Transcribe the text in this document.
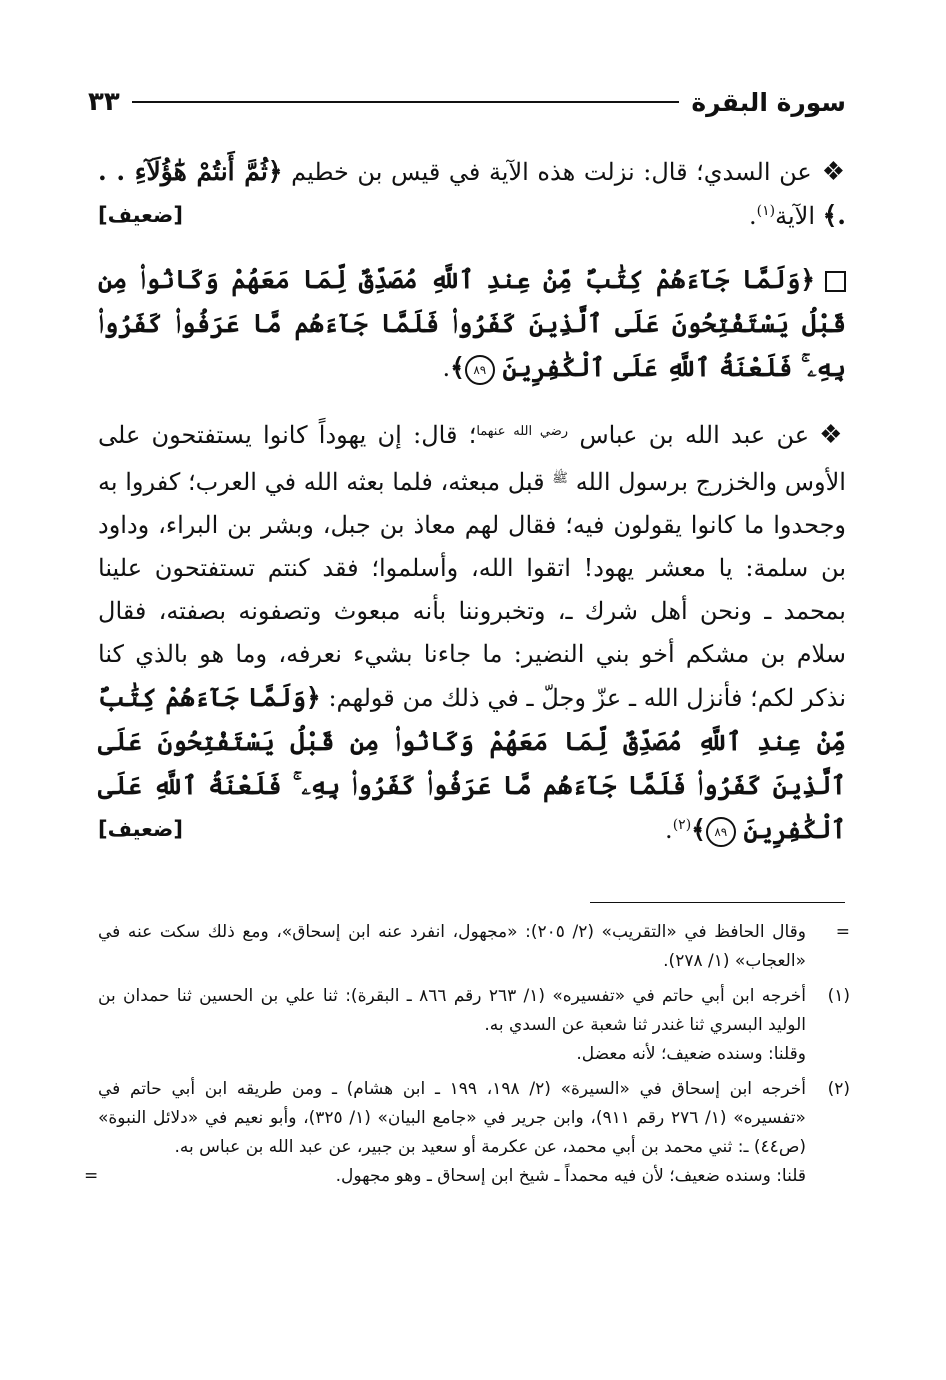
سورة البقرة
٣٣
❖عن السدي؛ قال: نزلت هذه الآية في قيس بن خطيم ﴿ثُمَّ أَنتُمْ هَٰٓؤُلَآءِ . . .﴾ الآية$^{(١)}$.
[ضعيف]
﴿وَلَمَّا جَآءَهُمْ كِتَٰبٌ مِّنْ عِندِ ٱللَّهِ مُصَدِّقٌ لِّمَا مَعَهُمْ وَكَانُوا۟ مِن قَبْلُ يَسْتَفْتِحُونَ عَلَى ٱلَّذِينَ كَفَرُوا۟ فَلَمَّا جَآءَهُم مَّا عَرَفُوا۟ كَفَرُوا۟ بِهِۦ ۚ فَلَعْنَةُ ٱللَّهِ عَلَى ٱلْكَٰفِرِينَ ٨٩﴾.
❖عن عبد الله بن عباس $^{رضي الله عنهما}$؛ قال: إن يهوداً كانوا يستفتحون على الأوس والخزرج برسول الله $^ﷺ$ قبل مبعثه، فلما بعثه الله في العرب؛ كفروا به وجحدوا ما كانوا يقولون فيه؛ فقال لهم معاذ بن جبل، وبشر بن البراء، وداود بن سلمة: يا معشر يهود! اتقوا الله، وأسلموا؛ فقد كنتم تستفتحون علينا بمحمد ـ ونحن أهل شرك ـ، وتخبروننا بأنه مبعوث وتصفونه بصفته، فقال سلام بن مشكم أخو بني النضير: ما جاءنا بشيء نعرفه، وما هو بالذي كنا نذكر لكم؛ فأنزل الله ـ عزّ وجلّ ـ في ذلك من قولهم: ﴿وَلَمَّا جَآءَهُمْ كِتَٰبٌ مِّنْ عِندِ ٱللَّهِ مُصَدِّقٌ لِّمَا مَعَهُمْ وَكَانُوا۟ مِن قَبْلُ يَسْتَفْتِحُونَ عَلَى ٱلَّذِينَ كَفَرُوا۟ فَلَمَّا جَآءَهُم مَّا عَرَفُوا۟ كَفَرُوا۟ بِهِۦ ۚ فَلَعْنَةُ ٱللَّهِ عَلَى ٱلْكَٰفِرِينَ ٨٩﴾$^{(٢)}$.
[ضعيف]
=

وقال الحافظ في «التقريب» (٢/ ٢٠٥): «مجهول، انفرد عنه ابن إسحاق»، ومع ذلك سكت عنه في «العجاب» (١/ ٢٧٨).

(١)

أخرجه ابن أبي حاتم في «تفسيره» (١/ ٢٦٣ رقم ٨٦٦ ـ البقرة): ثنا علي بن الحسين ثنا حمدان بن الوليد البسري ثنا غندر ثنا شعبة عن السدي به.

وقلنا: وسنده ضعيف؛ لأنه معضل.

(٢)

أخرجه ابن إسحاق في «السيرة» (٢/ ١٩٨، ١٩٩ ـ ابن هشام) ـ ومن طريقه ابن أبي حاتم في «تفسيره» (١/ ٢٧٦ رقم ٩١١)، وابن جرير في «جامع البيان» (١/ ٣٢٥)، وأبو نعيم في «دلائل النبوة» (ص٤٤) ـ: ثني محمد بن أبي محمد، عن عكرمة أو سعيد بن جبير، عن عبد الله بن عباس به.

قلنا: وسنده ضعيف؛ لأن فيه محمداً ـ شيخ ابن إسحاق ـ وهو مجهول.

=
